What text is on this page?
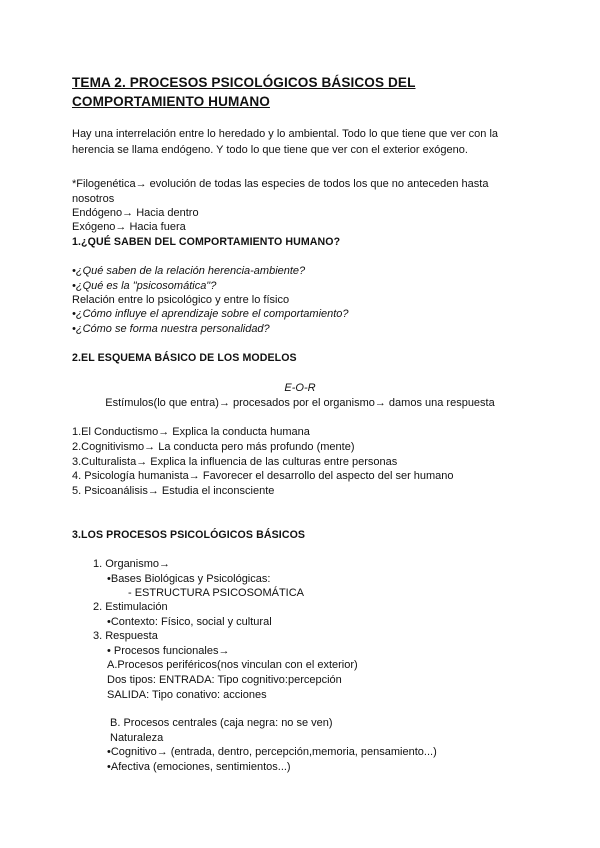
TEMA 2. PROCESOS PSICOLÓGICOS BÁSICOS DEL
COMPORTAMIENTO HUMANO
Hay una interrelación entre lo heredado y lo ambiental. Todo lo que tiene que ver con la
herencia se llama endógeno. Y todo lo que tiene que ver con el exterior exógeno.
*Filogenética→ evolución de todas las especies de todos los que no anteceden hasta
nosotros
Endógeno→ Hacia dentro
Exógeno→ Hacia fuera
1.¿QUÉ SABEN DEL COMPORTAMIENTO HUMANO?
•¿Qué saben de la relación herencia-ambiente?
•¿Qué es la "psicosomática"?
Relación entre lo psicológico y entre lo físico
•¿Cómo influye el aprendizaje sobre el comportamiento?
•¿Cómo se forma nuestra personalidad?
2.EL ESQUEMA BÁSICO DE LOS MODELOS
E-O-R
Estímulos(lo que entra)→ procesados por el organismo→ damos una respuesta
1.El Conductismo→ Explica la conducta humana
2.Cognitivismo→ La conducta pero más profundo (mente)
3.Culturalista→ Explica la influencia de las culturas entre personas
4. Psicología humanista→ Favorecer el desarrollo del aspecto del ser humano
5. Psicoanálisis→ Estudia el inconsciente
3.LOS PROCESOS PSICOLÓGICOS BÁSICOS
1. Organismo→
•Bases Biológicas y Psicológicas:
- ESTRUCTURA PSICOSOMÁTICA
2. Estimulación
•Contexto: Físico, social y cultural
3. Respuesta
• Procesos funcionales→
A.Procesos periféricos(nos vinculan con el exterior)
Dos tipos: ENTRADA: Tipo cognitivo:percepción
SALIDA: Tipo conativo: acciones
B. Procesos centrales (caja negra: no se ven)
Naturaleza
•Cognitivo→ (entrada, dentro, percepción,memoria, pensamiento...)
•Afectiva (emociones, sentimientos...)
